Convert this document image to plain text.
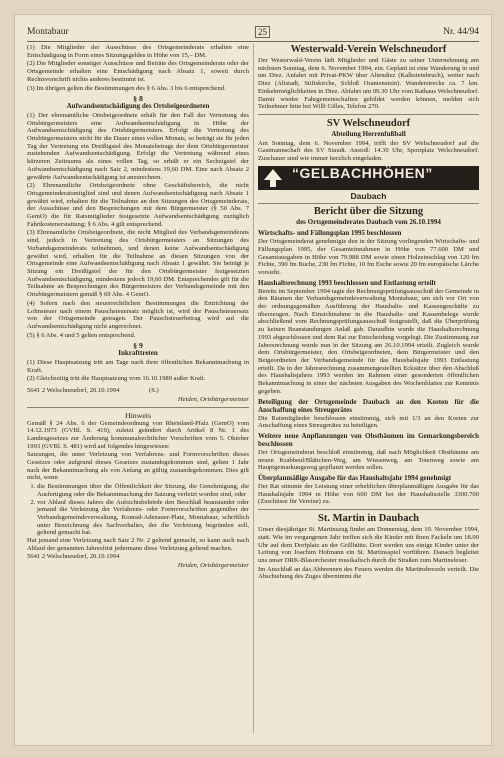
Montabaur	25	Nr. 44/94

(1) Die Mitglieder der Ausschüsse des Ortsgemeinderats erhalten eine Entschädigung in Form eines Sitzungsgeldes in Höhe von 15,– DM.

(2) Die Mitglieder sonstiger Ausschüsse und Beiräte des Ortsgemeinderats oder der Ortsgemeinde erhalten eine Entschädigung nach Absatz 1, soweit durch Rechtsvorschrift nichts anderes bestimmt ist.

(3) Im übrigen gelten die Bestimmungen des § 6 Abs. 3 bis 6 entsprechend.

§ 8
Aufwandsentschädigung des Ortsbeigeordneten

(1) Der ehrenamtliche Ortsbeigeordnete erhält für den Fall der Vertretung des Ortsbürgermeisters eine Aufwandsentschädigung in Höhe der Aufwandsentschädigung des Ortsbürgermeisters. Erfolgt die Vertretung des Ortsbürgermeisters nicht für die Dauer eines vollen Monats, so beträgt sie für jeden Tag der Vertretung ein Dreißigstel des Monatsbetrags der dem Ortsbürgermeister zustehenden Aufwandsentschädigung. Erfolgt die Vertretung während eines kürzeren Zeitraums als eines vollen Tag, so erhält er ein Sechzigstel der Aufwandsentschädigung nach Satz 2, mindestens 19,60 DM. Eine nach Absatz 2 gewährte Aufwandsentschädigung ist anzurechnen.

(2) Ehrenamtliche Ortsbeigeordnete ohne Geschäftsbereich, die nicht Ortsgemeinderatsmitglied sind und denen Aufwandsentschädigung nach Absatz 1 gewährt wird, erhalten für die Teilnahme an den Sitzungen des Ortsgemeinderats, der Ausschüsse und den Besprechungen mit dem Bürgermeister (§ 50 Abs. 7 GemO) die für Ratsmitglieder festgesetzte Aufwandsentschädigung zuzüglich Fahrtkostenerstattung; § 6 Abs. 4 gilt entsprechend.

(3) Ehrenamtliche Ortsbeigeordnete, die nicht Mitglied des Verbandsgemeinderats sind, jedoch in Vertretung des Ortsbürgermeisters an Sitzungen des Verbandsgemeinderats teilnehmen, und denen keine Aufwandsentschädigung gewährt wird, erhalten für die Teilnahme an diesen Sitzungen von der Ortsgemeinde eine Aufwandsentschädigung nach Absatz 1 gewährt. Sie beträgt je Sitzung ein Dreißigstel der für den Ortsbürgermeister festgesetzten Aufwandsentschädigung, mindestens jedoch 19,60 DM. Entsprechendes gilt für die Teilnahme an Besprechungen des Bürgermeisters der Verbandsgemeinde mit den Ortsbürgermeistern gemäß § 69 Abs. 4 GemO.

(4) Sofern nach den steuerrechtlichen Bestimmungen die Entrichtung der Lohnsteuer nach einem Pauschsteuersatz möglich ist, wird der Pauschsteuersatz von der Ortsgemeinde getragen. Der Pauschsteuerbetrag wird auf die Aufwandsentschädigung nicht angerechnet.

(5) § 6 Abs. 4 und 5 gelten entsprechend.

§ 9
Inkrafttreten

(1) Diese Hauptsatzung tritt am Tage nach ihrer öffentlichen Bekanntmachung in Kraft.

(2) Gleichzeitig tritt die Hauptsatzung vom 16.10.1989 außer Kraft.

5641 2 Welschneudorf, 20.10.1994	(S.)

Heiden, Ortsbürgermeister

Hinweis

Gemäß § 24 Abs. 6 der Gemeindeordnung von Rheinland-Pfalz (GemO) vom 14.12.1973 (GVBl. S. 419), zuletzt geändert durch Artikel 8 Nr. 1 des Landesgesetzes zur Änderung kommunalrechtlicher Vorschriften vom 5. Oktober 1993 (GVBl. S. 481) wird auf folgendes hingewiesen:

Satzungen, die unter Verletzung von Verfahrens- und Formvorschriften dieses Gesetzes oder aufgrund dieses Gesetzes zustandegekommen sind, gelten 1 Jahr nach der Bekanntmachung als von Anfang an gültig zustandegekommen. Dies gilt nicht, wenn

1. die Bestimmungen über die Öffentlichkeit der Sitzung, die Genehmigung, die Ausfertigung oder die Bekanntmachung der Satzung verletzt worden sind, oder
2. vor Ablauf dieses Jahres die Aufsichtsbehörde den Beschluß beanstandet oder jemand die Verletzung der Verfahrens- oder Formvorschriften gegenüber der Verbandsgemeindeverwaltung, Konrad-Adenauer-Platz, Montabaur, schriftlich unter Bezeichnung des Sachverhaltes, der die Verletzung begründen soll, geltend gemacht hat.

Hat jemand eine Verletzung nach Satz 2 Nr. 2 geltend gemacht, so kann auch nach Ablauf der genannten Jahresfrist jedermann diese Verletzung geltend machen.

5641 2 Welschneudorf, 20.10.1994

Heiden, Ortsbürgermeister

Westerwald-Verein Welschneudorf

Der Westerwald-Verein lädt Mitglieder und Gäste zu seiner Unternehmung am nächsten Sonntag, dem 6. November 1994, ein. Geplant ist eine Wanderung in und um Diez. Anfahrt mit Privat-PKW über Altendiez (Kalksteinbruch), weiter nach Diez (Altstadt, Stiftskirche, Schloß Oranienstein). Wanderstrecke ca. 7 km. Einkehrmöglichkeiten in Diez. Abfahrt um 09.30 Uhr vom Rathaus Welschneudorf. Damit wieder Fahrgemeinschaften gebildet werden können, melden sich Teilnehmer bitte bei Willi Gilles, Telefon 270.

SV Welschneudorf
Abteilung Herrenfußball

Am Sonntag, dem 6. November 1994, trifft der SV Welschneudorf auf die Gastmannschaft des SV Staudt. Anstoß: 14.30 Uhr, Sportplatz Welschneudorf. Zuschauer sind wie immer herzlich eingeladen.

“GELBACHHÖHEN”
Daubach
Bericht über die Sitzung
des Ortsgemeinderates Daubach vom 26.10.1994
Wirtschafts- und Fällungsplan 1995 beschlossen

Der Ortsgemeinderat genehmigte den in der Sitzung vorliegenden Wirtschafts- und Fällungsplan 1995, der Gesamteinnahmen in Höhe von 77.600 DM und Gesamtausgaben in Höhe von 79.988 DM sowie einen Holzeinschlag von 120 fm Fichte, 390 fm Buche, 230 fm Fichte, 10 fm Esche sowie 20 fm europäische Lärche vorsieht.

Haushaltsrechnung 1993 beschlossen und Entlastung erteilt

Bereits im September 1994 tagte der Rechnungsprüfungsausschuß der Gemeinde in den Räumen der Verbandsgemeindeverwaltung Montabaur, um sich vor Ort von der ordnungsgemäßen Ausführung der Haushalts- und Kassengeschäfte zu überzeugen. Nach Einsichtnahme in die Haushalts- und Kassenbelege wurde abschließend vom Rechnungsprüfungsausschuß festgestellt, daß die Überprüfung zu keinen Beanstandungen Anlaß gab. Daraufhin wurde die Haushaltsrechnung 1993 abgeschlossen und dem Rat zur Entscheidung vorgelegt. Die Zustimmung zur Jahresrechnung wurde nun in der Sitzung am 26.10.1994 erteilt. Zugleich wurde dem Ortsbürgermeister, den Ortsbeigeordneten, dem Bürgermeister und den Beigeordneten der Verbandsgemeinde für das Haushaltsjahr 1993 Entlastung erteilt. Da in der Jahresrechnung zusammengestellten Ecksätze über den Abschluß des Haushaltsjahres 1993 werden im Rahmen einer gesonderten öffentlichen Bekanntmachung in einer der nächsten Ausgaben des Wochenblattes zur Kenntnis gegeben.

Beteiligung der Ortsgemeinde Daubach an den Kosten für die Anschaffung eines Streugerätes

Die Ratsmitglieder beschlossen einstimmig, sich mit 1/3 an den Kosten zur Anschaffung eines Streugerätes zu beteiligen.

Weitere neue Anpflanzungen von Obstbäumen im Gemarkungsbereich beschlossen

Der Ortsgemeinderat beschloß einstimmig, daß nach Möglichkeit Obstbäume am neuen Krabbeul/Blättchen-Weg, am Wiesenweg, am Totenweg sowie am Hauptgemarkungsweg gepflanzt werden sollen.

Überplanmäßige Ausgabe für das Haushaltsjahr 1994 genehmigt

Der Rat stimmte der Leistung einer erheblichen überplanmäßigen Ausgabe für das Haushaltsjahr 1994 in Höhe von 600 DM bei der Haushaltsstelle 3300.700 (Zuschüsse für Vereine) zu.

St. Martin in Daubach

Unser diesjähriger St. Martinszug findet am Donnerstag, dem 10. November 1994, statt. Wie im vergangenen Jahr treffen sich die Kinder mit ihren Fackeln um 18.00 Uhr auf dem Dorfplatz an der Grillhütte. Dort werden uns einige Kinder unter der Leitung von Joachim Hofmann ein St. Martinsspiel vorführen. Danach begleitet uns unser DRK-Blasorchester musikalisch durch die Straßen zum Martinsfeuer.

Im Anschluß an das Abbrennen des Feuers werden die Martinsbrezeln verteilt. Die Abschiebung des Zuges übernimmt die
